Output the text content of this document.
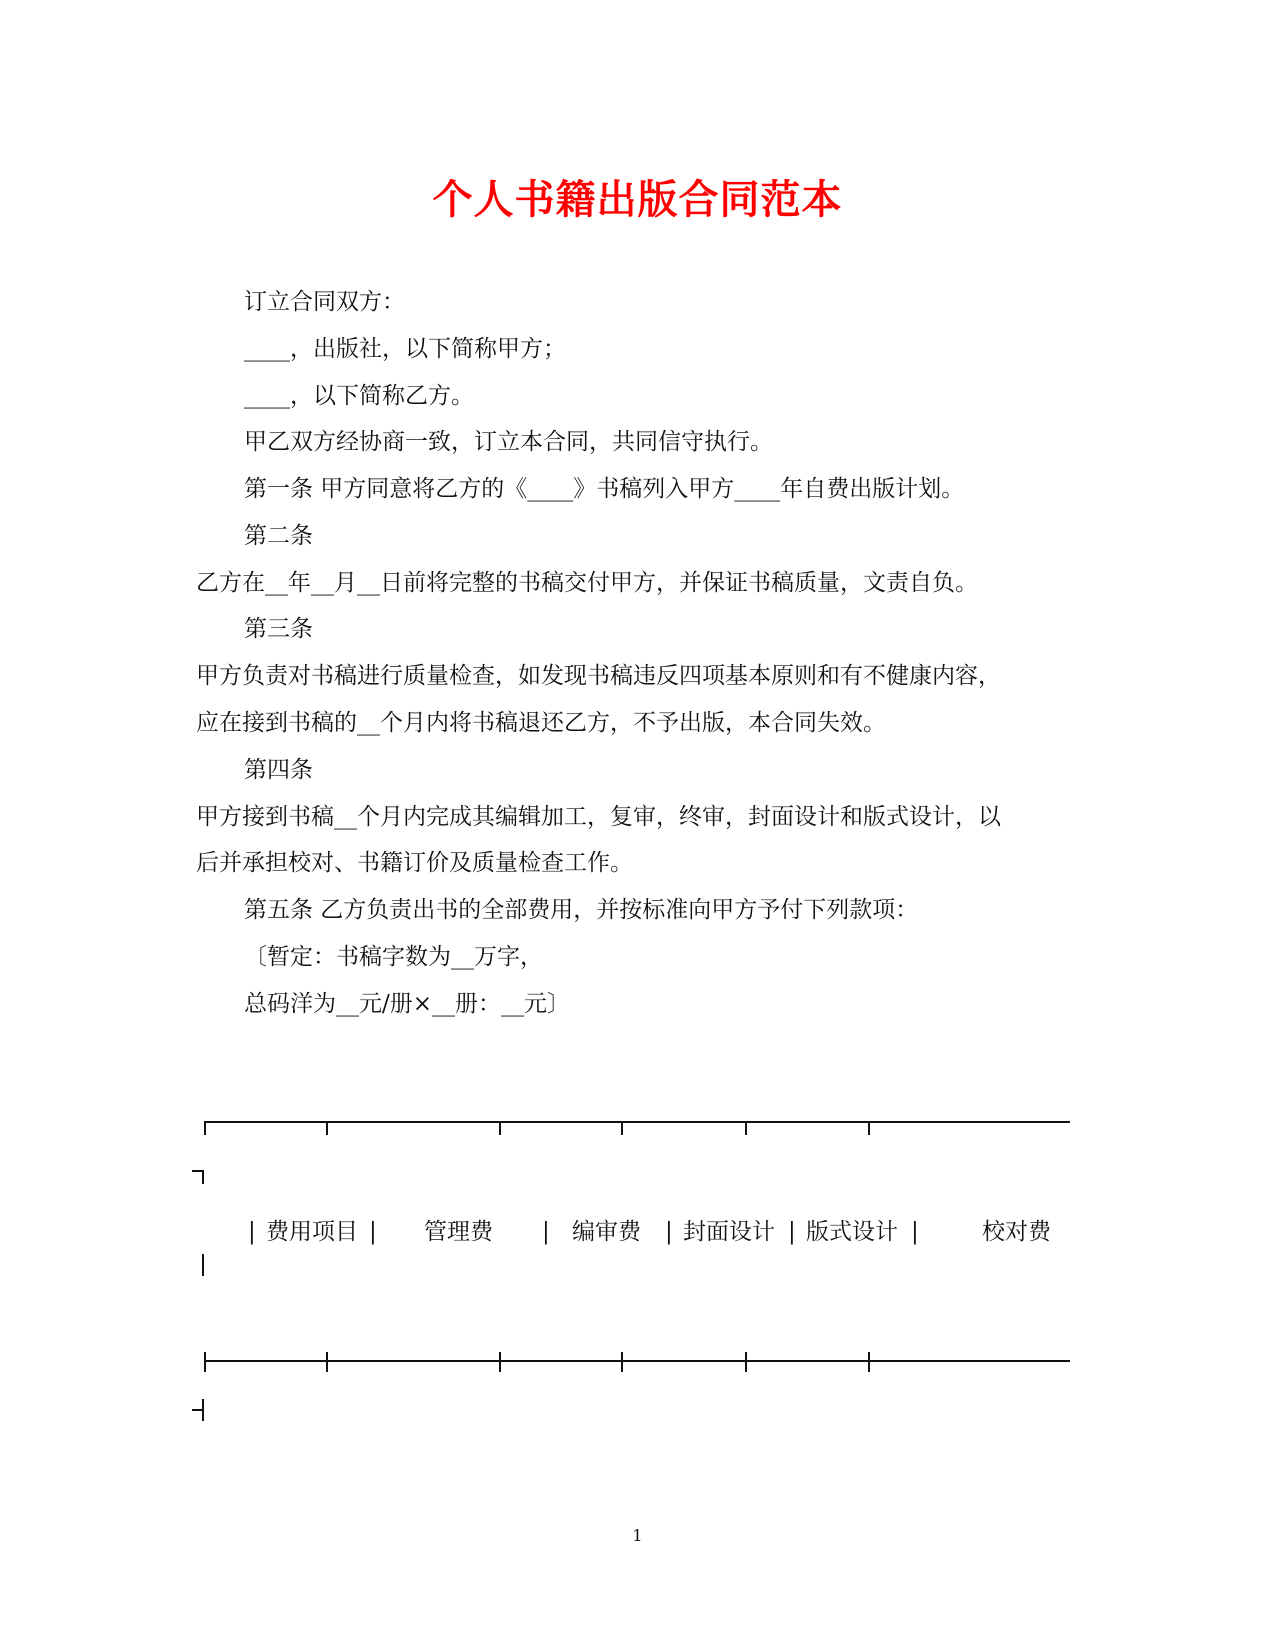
个人书籍出版合同范本
订立合同双方：
____，出版社，以下简称甲方；
____，以下简称乙方。
甲乙双方经协商一致，订立本合同，共同信守执行。
第一条 甲方同意将乙方的《____》书稿列入甲方____年自费出版计划。
第二条
乙方在__年__月__日前将完整的书稿交付甲方，并保证书稿质量，文责自负。
第三条
甲方负责对书稿进行质量检查，如发现书稿违反四项基本原则和有不健康内容，
应在接到书稿的__个月内将书稿退还乙方，不予出版，本合同失效。
第四条
甲方接到书稿__个月内完成其编辑加工，复审，终审，封面设计和版式设计，以
后并承担校对、书籍订价及质量检查工作。
第五条 乙方负责出书的全部费用，并按标准向甲方予付下列款项：
〔暂定：书稿字数为__万字，
总码洋为__元/册×__册：__元〕
| 费用项目 | 管理费 | 编审费 | 封面设计 | 版式设计 |	校对费
1
